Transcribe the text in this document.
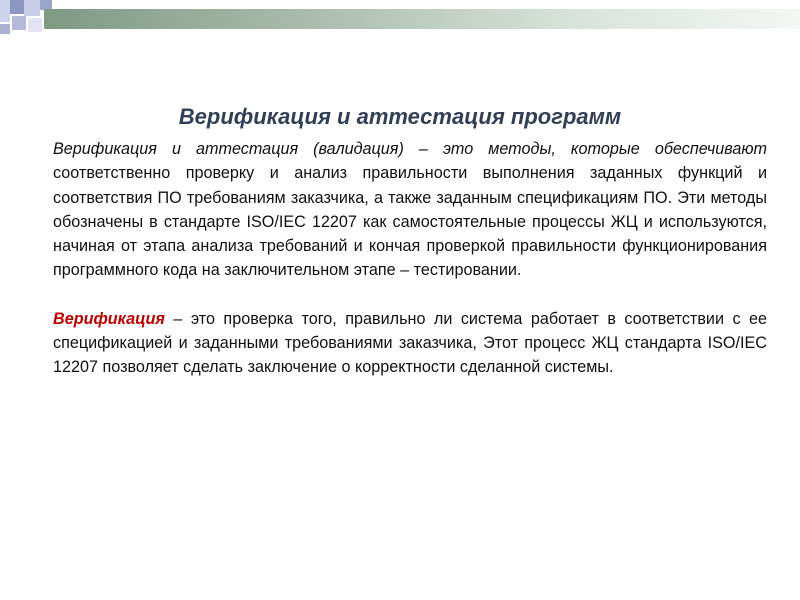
Верификация и аттестация программ

Верификация и аттестация (валидация) – это методы, которые обеспечивают соответственно проверку и анализ правильности выполнения заданных функций и соответствия ПО требованиям заказчика, а также заданным спецификациям ПО. Эти методы обозначены в стандарте ISO/IEC 12207 как самостоятельные процессы ЖЦ и используются, начиная от этапа анализа требований и кончая проверкой правильности функционирования программного кода на заключительном этапе – тестировании.

Верификация – это проверка того, правильно ли система работает в соответствии с ее спецификацией и заданными требованиями заказчика, Этот процесс ЖЦ стандарта ISO/IEC 12207 позволяет сделать заключение о корректности сделанной системы.
